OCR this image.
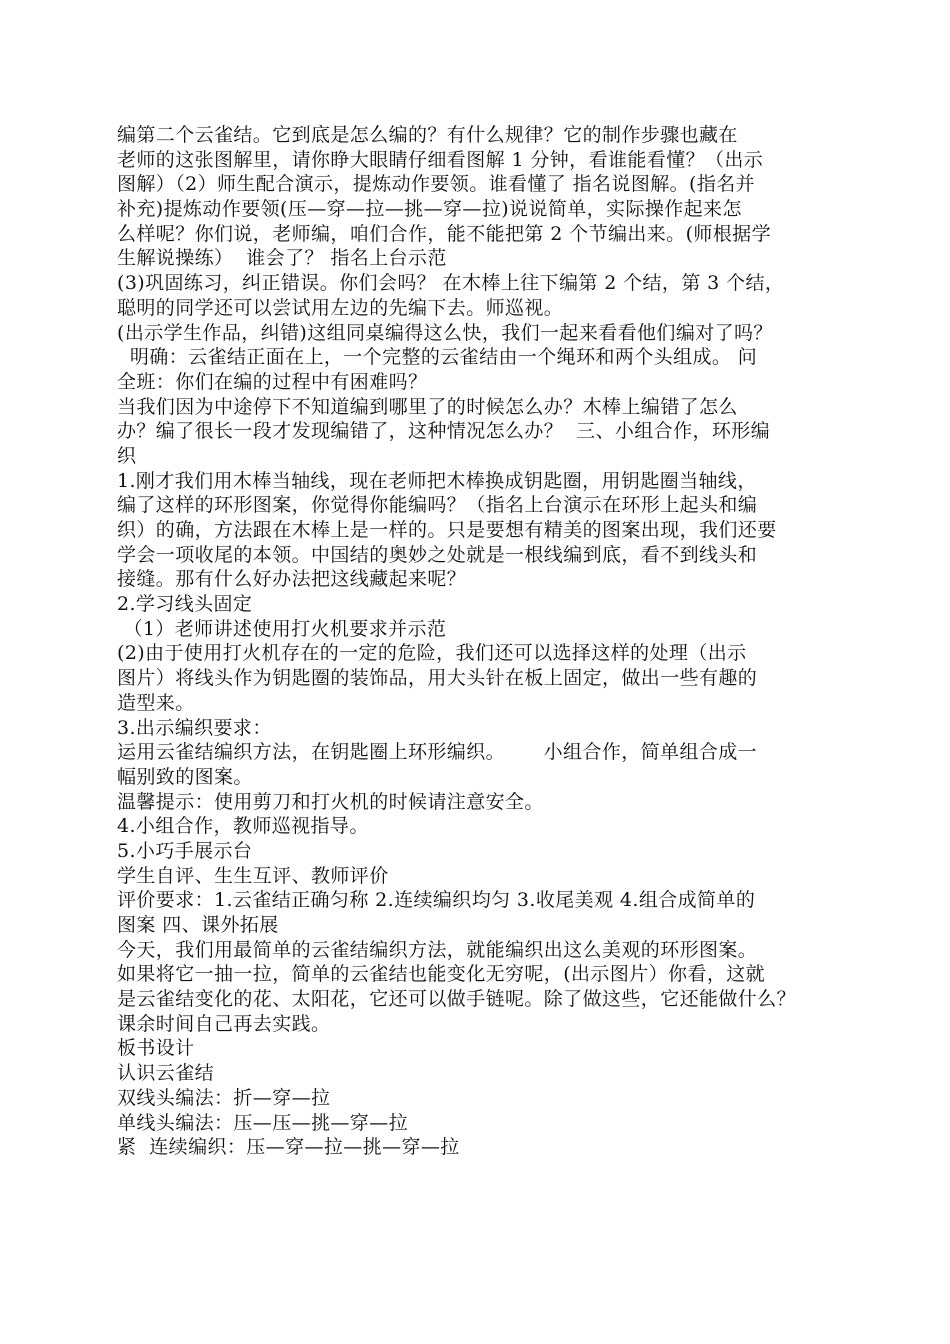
编第二个云雀结。它到底是怎么编的？有什么规律？它的制作步骤也藏在
老师的这张图解里，请你睁大眼睛仔细看图解 1 分钟，看谁能看懂？（出示
图解）（2）师生配合演示，提炼动作要领。谁看懂了 指名说图解。(指名并
补充)提炼动作要领(压—穿—拉—挑—穿—拉)说说简单，实际操作起来怎
么样呢？你们说，老师编，咱们合作，能不能把第 2 个节编出来。(师根据学
生解说操练）  谁会了？ 指名上台示范
(3)巩固练习，纠正错误。你们会吗？ 在木棒上往下编第 2 个结，第 3 个结，
聪明的同学还可以尝试用左边的先编下去。师巡视。
(出示学生作品，纠错)这组同桌编得这么快，我们一起来看看他们编对了吗？
明确：云雀结正面在上，一个完整的云雀结由一个绳环和两个头组成。 问
全班：你们在编的过程中有困难吗？
当我们因为中途停下不知道编到哪里了的时候怎么办？木棒上编错了怎么
办？编了很长一段才发现编错了，这种情况怎么办？  三、小组合作，环形编
织
1.刚才我们用木棒当轴线，现在老师把木棒换成钥匙圈，用钥匙圈当轴线，
编了这样的环形图案，你觉得你能编吗？（指名上台演示在环形上起头和编
织）的确，方法跟在木棒上是一样的。只是要想有精美的图案出现，我们还要
学会一项收尾的本领。中国结的奥妙之处就是一根线编到底，看不到线头和
接缝。那有什么好办法把这线藏起来呢？
2.学习线头固定
（1）老师讲述使用打火机要求并示范
(2)由于使用打火机存在的一定的危险，我们还可以选择这样的处理（出示
图片）将线头作为钥匙圈的装饰品，用大头针在板上固定，做出一些有趣的
造型来。
3.出示编织要求：
运用云雀结编织方法，在钥匙圈上环形编织。      小组合作，简单组合成一
幅别致的图案。
温馨提示：使用剪刀和打火机的时候请注意安全。
4.小组合作，教师巡视指导。
5.小巧手展示台
学生自评、生生互评、教师评价
评价要求：1.云雀结正确匀称 2.连续编织均匀 3.收尾美观 4.组合成简单的
图案 四、课外拓展
今天，我们用最简单的云雀结编织方法，就能编织出这么美观的环形图案。
如果将它一抽一拉，简单的云雀结也能变化无穷呢，(出示图片）你看，这就
是云雀结变化的花、太阳花，它还可以做手链呢。除了做这些，它还能做什么？
课余时间自己再去实践。
板书设计
认识云雀结
双线头编法：折—穿—拉
单线头编法：压—压—挑—穿—拉
紧  连续编织：压—穿—拉—挑—穿—拉
